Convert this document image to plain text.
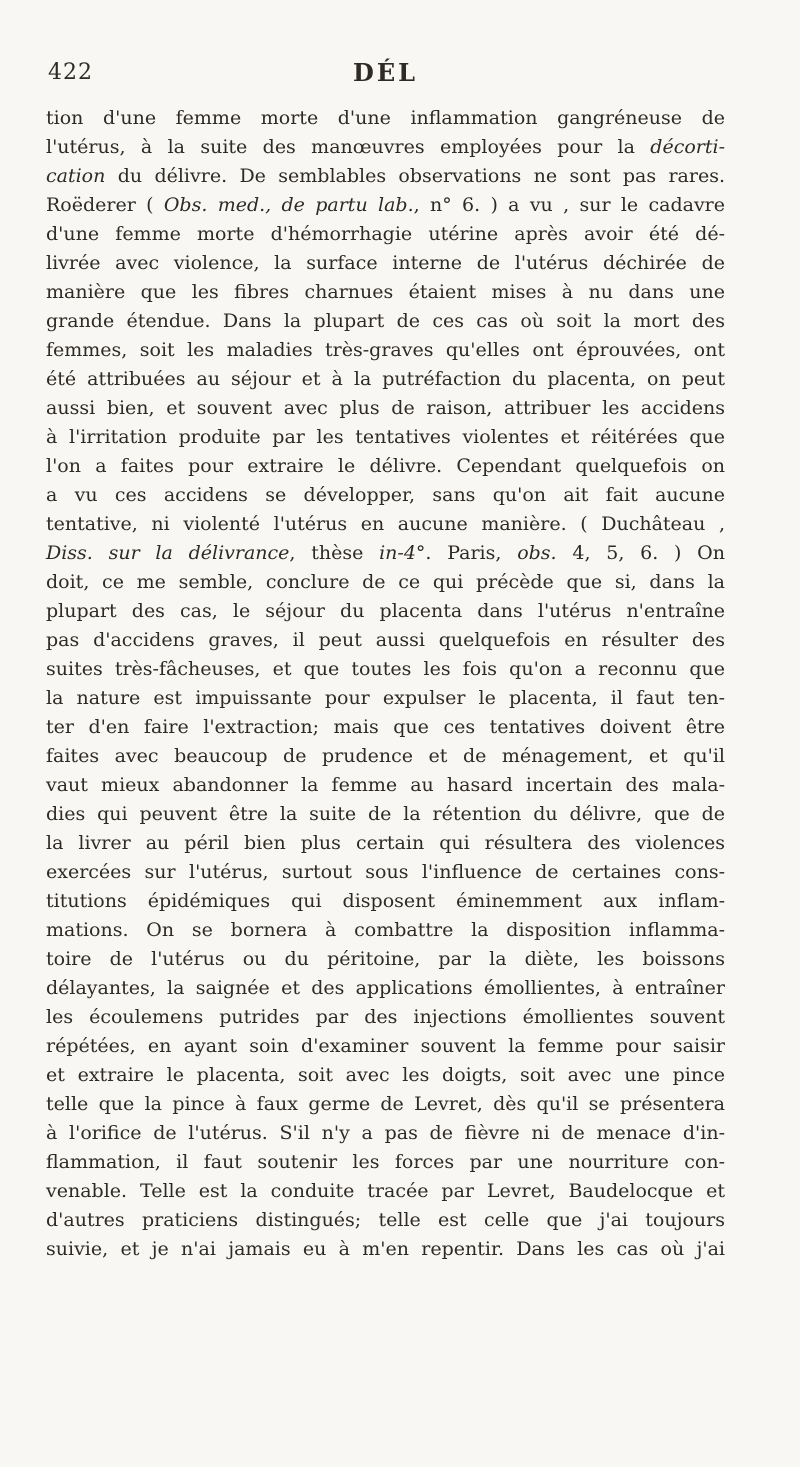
422	DÉL
tion d'une femme morte d'une inflammation gangréneuse de
l'utérus, à la suite des manœuvres employées pour la décorti-
cation du délivre. De semblables observations ne sont pas rares.
Roëderer ( Obs. med., de partu lab., n° 6. ) a vu , sur le cadavre
d'une femme morte d'hémorrhagie utérine après avoir été dé-
livrée avec violence, la surface interne de l'utérus déchirée de
manière que les fibres charnues étaient mises à nu dans une
grande étendue. Dans la plupart de ces cas où soit la mort des
femmes, soit les maladies très-graves qu'elles ont éprouvées, ont
été attribuées au séjour et à la putréfaction du placenta, on peut
aussi bien, et souvent avec plus de raison, attribuer les accidens
à l'irritation produite par les tentatives violentes et réitérées que
l'on a faites pour extraire le délivre. Cependant quelquefois on
a vu ces accidens se développer, sans qu'on ait fait aucune
tentative, ni violenté l'utérus en aucune manière. ( Duchâteau ,
Diss. sur la délivrance, thèse in-4°. Paris, obs. 4, 5, 6. ) On
doit, ce me semble, conclure de ce qui précède que si, dans la
plupart des cas, le séjour du placenta dans l'utérus n'entraîne
pas d'accidens graves, il peut aussi quelquefois en résulter des
suites très-fâcheuses, et que toutes les fois qu'on a reconnu que
la nature est impuissante pour expulser le placenta, il faut ten-
ter d'en faire l'extraction; mais que ces tentatives doivent être
faites avec beaucoup de prudence et de ménagement, et qu'il
vaut mieux abandonner la femme au hasard incertain des mala-
dies qui peuvent être la suite de la rétention du délivre, que de
la livrer au péril bien plus certain qui résultera des violences
exercées sur l'utérus, surtout sous l'influence de certaines cons-
titutions épidémiques qui disposent éminemment aux inflam-
mations. On se bornera à combattre la disposition inflamma-
toire de l'utérus ou du péritoine, par la diète, les boissons
délayantes, la saignée et des applications émollientes, à entraîner
les écoulemens putrides par des injections émollientes souvent
répétées, en ayant soin d'examiner souvent la femme pour saisir
et extraire le placenta, soit avec les doigts, soit avec une pince
telle que la pince à faux germe de Levret, dès qu'il se présentera
à l'orifice de l'utérus. S'il n'y a pas de fièvre ni de menace d'in-
flammation, il faut soutenir les forces par une nourriture con-
venable. Telle est la conduite tracée par Levret, Baudelocque et
d'autres praticiens distingués; telle est celle que j'ai toujours
suivie, et je n'ai jamais eu à m'en repentir. Dans les cas où j'ai
